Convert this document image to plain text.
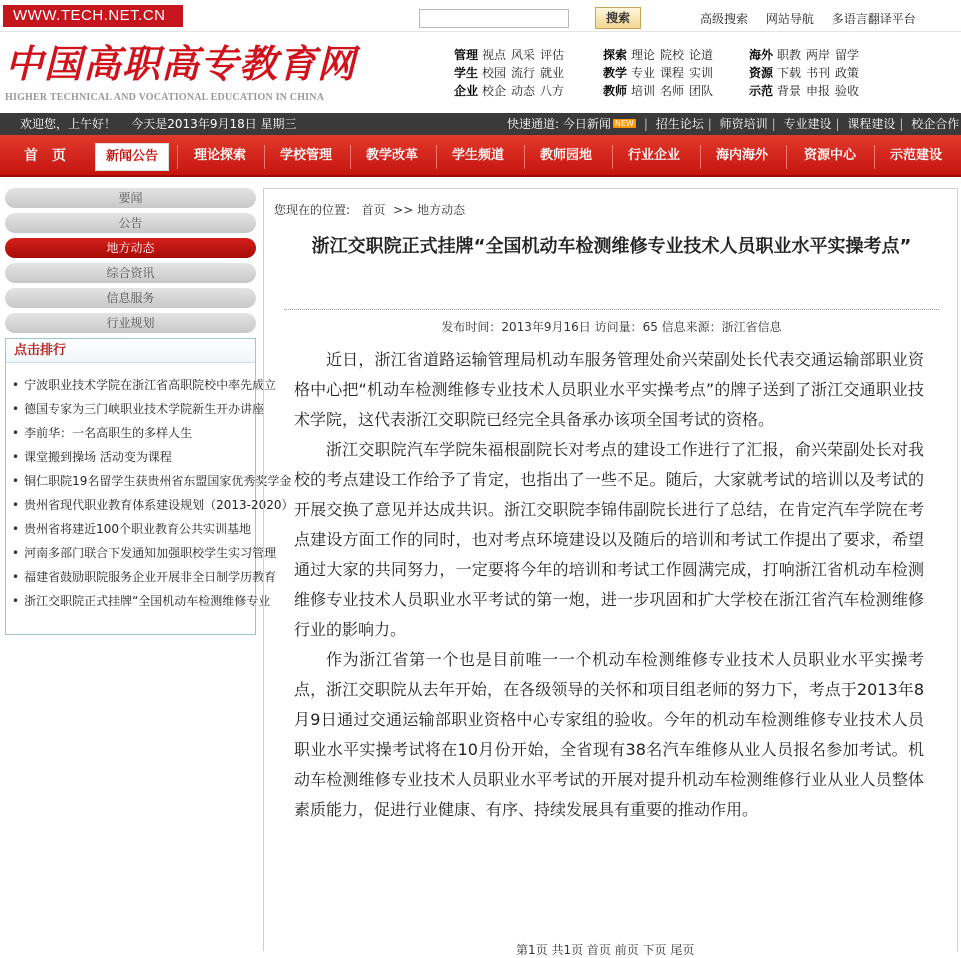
WWW.TECH.NET.CN	搜索	高级搜索 网站导航 多语言翻译平台
中国高职高专教育网
HIGHER TECHNICAL AND VOCATIONAL EDUCATION IN CHINA
管理 视点 风采 评估
学生 校园 流行 就业
企业 校企 动态 八方
探索 理论 院校 论道
教学 专业 课程 实训
教师 培训 名师 团队
海外 职教 两岸 留学
资源 下载 书刊 政策
示范 背景 申报 验收
欢迎您，上午好！ 今天是2013年9月18日 星期三	快速通道: 今日新闻 NEW | 招生论坛 | 师资培训 | 专业建设 | 课程建设 | 校企合作
首　页	新闻公告	理论探索	学校管理	教学改革	学生频道	教师园地	行业企业	海内海外	资源中心	示范建设
要闻
公告
地方动态
综合资讯
信息服务
行业规划
点击排行
• 宁波职业技术学院在浙江省高职院校中率先成立
• 德国专家为三门峡职业技术学院新生开办讲座
• 李前华：一名高职生的多样人生
• 课堂搬到操场 活动变为课程
• 铜仁职院19名留学生获贵州省东盟国家优秀奖学金
• 贵州省现代职业教育体系建设规划（2013-2020）
• 贵州省将建近100个职业教育公共实训基地
• 河南多部门联合下发通知加强职校学生实习管理
• 福建省鼓励职院服务企业开展非全日制学历教育
• 浙江交职院正式挂牌“全国机动车检测维修专业
您现在的位置: 首页 >> 地方动态
浙江交职院正式挂牌“全国机动车检测维修专业技术人员职业水平实操考点”
发布时间：2013年9月16日 访问量：65 信息来源：浙江省信息

近日，浙江省道路运输管理局机动车服务管理处俞兴荣副处长代表交通运输部职业资格中心把“机动车检测维修专业技术人员职业水平实操考点”的牌子送到了浙江交通职业技术学院，这代表浙江交职院已经完全具备承办该项全国考试的资格。

浙江交职院汽车学院朱福根副院长对考点的建设工作进行了汇报，俞兴荣副处长对我校的考点建设工作给予了肯定，也指出了一些不足。随后，大家就考试的培训以及考试的开展交换了意见并达成共识。浙江交职院李锦伟副院长进行了总结，在肯定汽车学院在考点建设方面工作的同时，也对考点环境建设以及随后的培训和考试工作提出了要求，希望通过大家的共同努力，一定要将今年的培训和考试工作圆满完成，打响浙江省机动车检测维修专业技术人员职业水平考试的第一炮，进一步巩固和扩大学校在浙江省汽车检测维修行业的影响力。

作为浙江省第一个也是目前唯一一个机动车检测维修专业技术人员职业水平实操考点，浙江交职院从去年开始，在各级领导的关怀和项目组老师的努力下，考点于2013年8月9日通过交通运输部职业资格中心专家组的验收。今年的机动车检测维修专业技术人员职业水平实操考试将在10月份开始，全省现有38名汽车维修从业人员报名参加考试。机动车检测维修专业技术人员职业水平考试的开展对提升机动车检测维修行业从业人员整体素质能力，促进行业健康、有序、持续发展具有重要的推动作用。

第1页 共1页 首页 前页 下页 尾页
